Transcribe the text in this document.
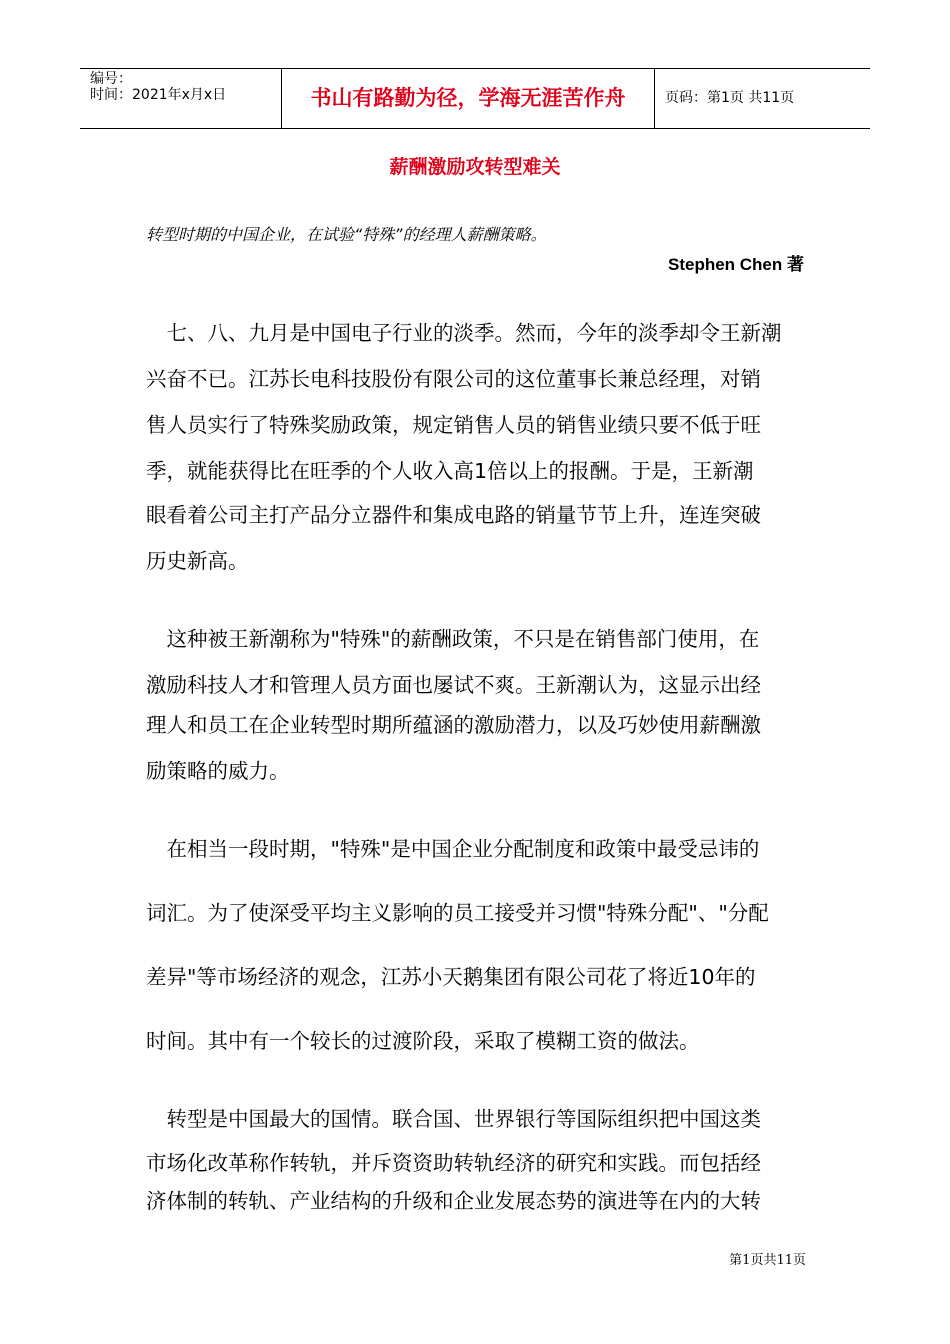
编号：
时间：2021年x月x日	书山有路勤为径，学海无涯苦作舟	页码：第1页 共11页
薪酬激励攻转型难关
转型时期的中国企业，在试验“特殊”的经理人薪酬策略。
Stephen Chen 著
　七、八、九月是中国电子行业的淡季。然而，今年的淡季却令王新潮
兴奋不已。江苏长电科技股份有限公司的这位董事长兼总经理，对销
售人员实行了特殊奖励政策，规定销售人员的销售业绩只要不低于旺
季，就能获得比在旺季的个人收入高1倍以上的报酬。于是，王新潮
眼看着公司主打产品分立器件和集成电路的销量节节上升，连连突破
历史新高。
　这种被王新潮称为"特殊"的薪酬政策，不只是在销售部门使用，在
激励科技人才和管理人员方面也屡试不爽。王新潮认为，这显示出经
理人和员工在企业转型时期所蕴涵的激励潜力，以及巧妙使用薪酬激
励策略的威力。
　在相当一段时期，"特殊"是中国企业分配制度和政策中最受忌讳的
词汇。为了使深受平均主义影响的员工接受并习惯"特殊分配"、"分配
差异"等市场经济的观念，江苏小天鹅集团有限公司花了将近10年的
时间。其中有一个较长的过渡阶段，采取了模糊工资的做法。
　转型是中国最大的国情。联合国、世界银行等国际组织把中国这类
市场化改革称作转轨，并斥资资助转轨经济的研究和实践。而包括经
济体制的转轨、产业结构的升级和企业发展态势的演进等在内的大转
第1页共11页
